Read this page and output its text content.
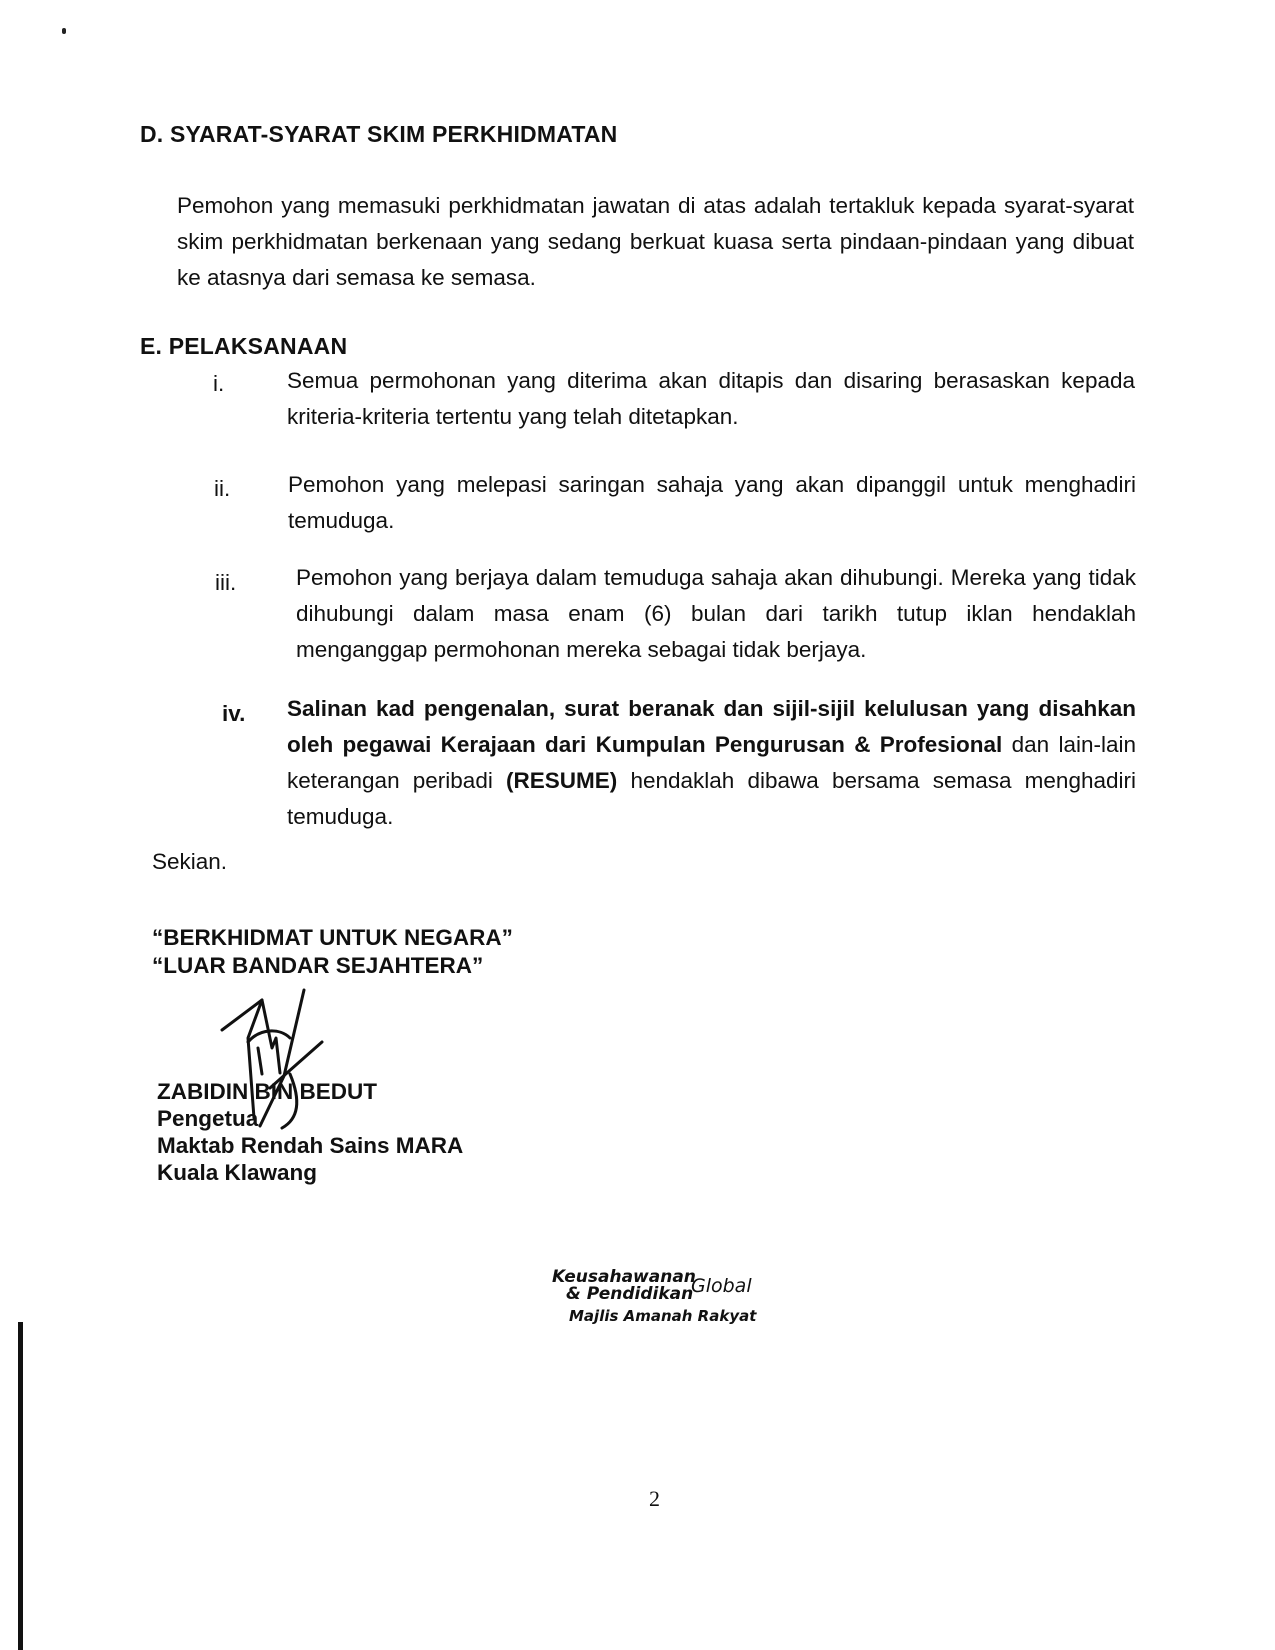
D. SYARAT-SYARAT SKIM PERKHIDMATAN
Pemohon yang memasuki perkhidmatan jawatan di atas adalah tertakluk kepada syarat-syarat skim perkhidmatan berkenaan yang sedang berkuat kuasa serta pindaan-pindaan yang dibuat ke atasnya dari semasa ke semasa.
E. PELAKSANAAN
i.	Semua permohonan yang diterima akan ditapis dan disaring berasaskan kepada kriteria-kriteria tertentu yang telah ditetapkan.
ii.	Pemohon yang melepasi saringan sahaja yang akan dipanggil untuk menghadiri temuduga.
iii.	Pemohon yang berjaya dalam temuduga sahaja akan dihubungi. Mereka yang tidak dihubungi dalam masa enam (6) bulan dari tarikh tutup iklan hendaklah menganggap permohonan mereka sebagai tidak berjaya.
iv. Salinan kad pengenalan, surat beranak dan sijil-sijil kelulusan yang disahkan oleh pegawai Kerajaan dari Kumpulan Pengurusan & Profesional dan lain-lain keterangan peribadi (RESUME) hendaklah dibawa bersama semasa menghadiri temuduga.
Sekian.
“BERKHIDMAT UNTUK NEGARA”
“LUAR BANDAR SEJAHTERA”
ZABIDIN BIN BEDUT
Pengetua
Maktab Rendah Sains MARA
Kuala Klawang
Keusahawanan
& Pendidikan
Global
Majlis Amanah Rakyat
2
